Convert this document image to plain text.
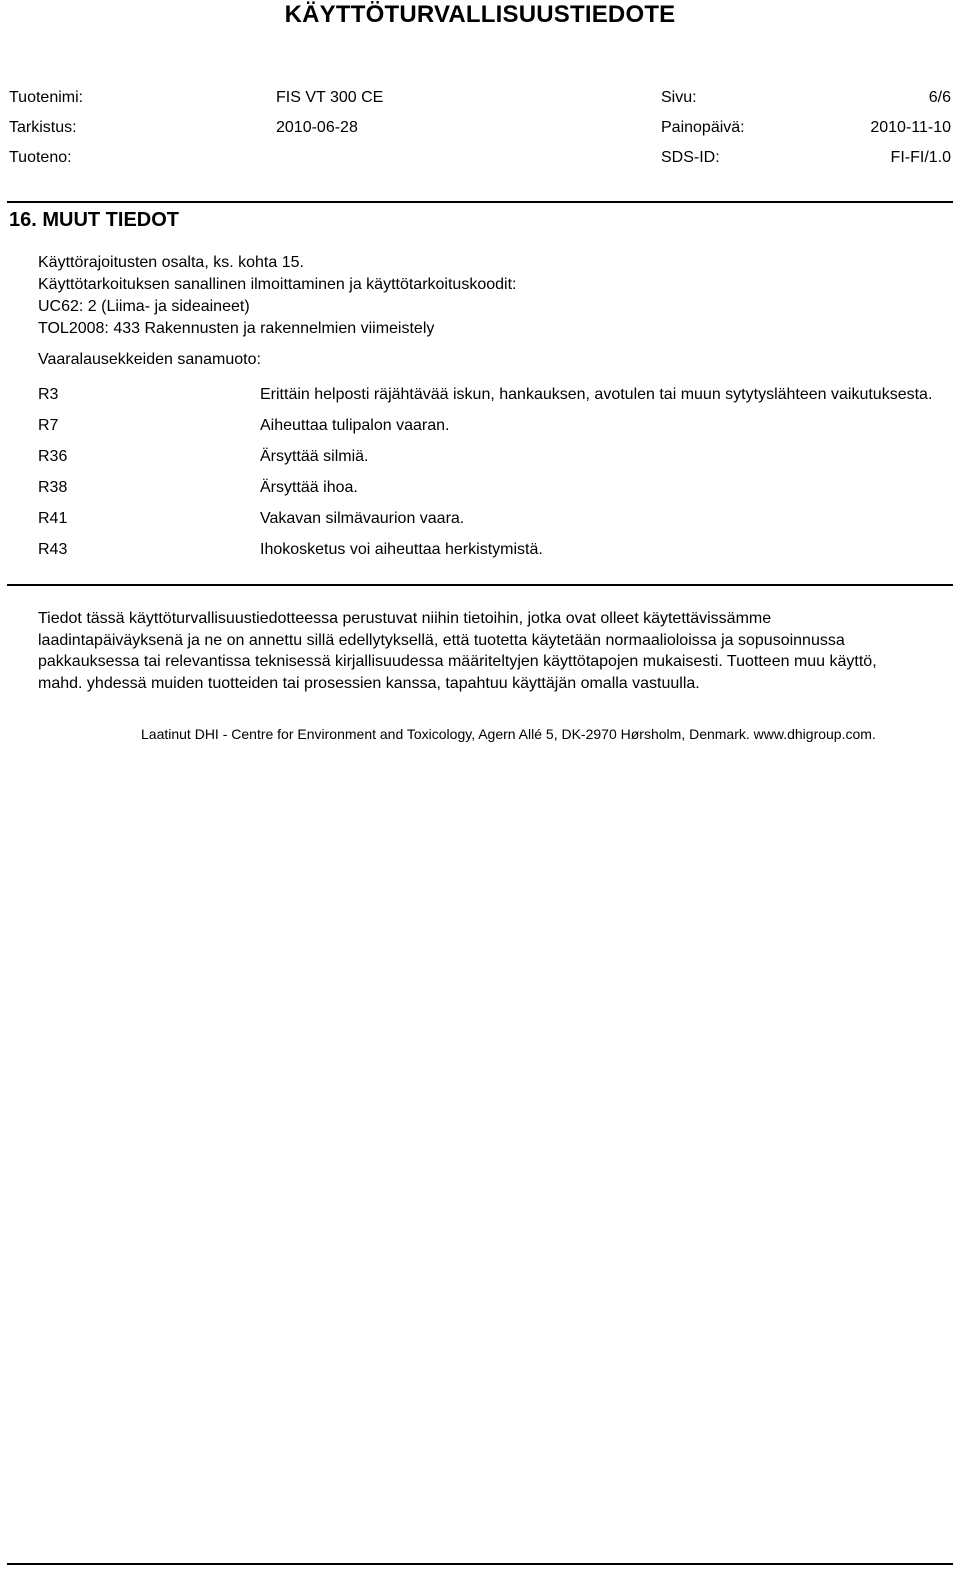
KÄYTTÖTURVALLISUUSTIEDOTE
Tuotenimi:	FIS VT 300 CE	Sivu:	6/6
Tarkistus:	2010-06-28	Painopäivä:	2010-11-10
Tuoteno:	SDS-ID:	FI-FI/1.0
16. MUUT TIEDOT
Käyttörajoitusten osalta, ks. kohta 15.
Käyttötarkoituksen sanallinen ilmoittaminen ja käyttötarkoituskoodit:
UC62: 2 (Liima- ja sideaineet)
TOL2008: 433 Rakennusten ja rakennelmien viimeistely
Vaaralausekkeiden sanamuoto:
R3	Erittäin helposti räjähtävää iskun, hankauksen, avotulen tai muun sytytyslähteen vaikutuksesta.
R7	Aiheuttaa tulipalon vaaran.
R36	Ärsyttää silmiä.
R38	Ärsyttää ihoa.
R41	Vakavan silmävaurion vaara.
R43	Ihokosketus voi aiheuttaa herkistymistä.
Tiedot tässä käyttöturvallisuustiedotteessa perustuvat niihin tietoihin, jotka ovat olleet käytettävissämme laadintapäiväyksenä ja ne on annettu sillä edellytyksellä, että tuotetta käytetään normaalioloissa ja sopusoinnussa pakkauksessa tai relevantissa teknisessä kirjallisuudessa määriteltyjen käyttötapojen mukaisesti. Tuotteen muu käyttö, mahd. yhdessä muiden tuotteiden tai prosessien kanssa, tapahtuu käyttäjän omalla vastuulla.
Laatinut DHI - Centre for Environment and Toxicology, Agern Allé 5, DK-2970 Hørsholm, Denmark. www.dhigroup.com.
